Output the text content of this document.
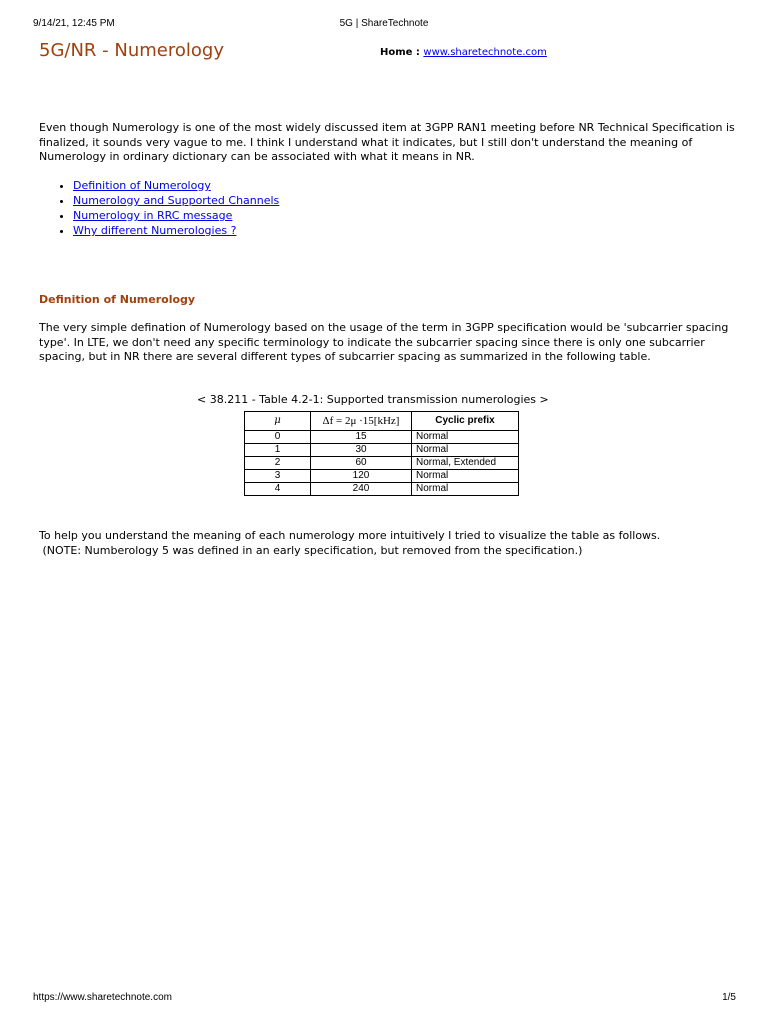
9/14/21, 12:45 PM	5G | ShareTechnote
5G/NR - Numerology	Home : www.sharetechnote.com

Even though Numerology is one of the most widely discussed item at 3GPP RAN1 meeting before NR Technical Specification is finalized, it sounds very vague to me. I think I understand what it indicates, but I still don't understand the meaning of Numerology in ordinary dictionary can be associated with what it means in NR.

• Definition of Numerology
• Numerology and Supported Channels
• Numerology in RRC message
• Why different Numerologies ?
Definition of Numerology

The very simple defination of Numerology based on the usage of the term in 3GPP specification would be 'subcarrier spacing type'. In LTE, we don't need any specific terminology to indicate the subcarrier spacing since there is only one subcarrier spacing, but in NR there are several different types of subcarrier spacing as summarized in the following table.

< 38.211 - Table 4.2-1: Supported transmission numerologies >
μ	Δf = 2μ ·15[kHz]	Cyclic prefix
0	15	Normal
1	30	Normal
2	60	Normal, Extended
3	120	Normal
4	240	Normal

To help you understand the meaning of each numerology more intuitively I tried to visualize the table as follows.

(NOTE: Numberology 5 was defined in an early specification, but removed from the specification.)

https://www.sharetechnote.com	1/5
